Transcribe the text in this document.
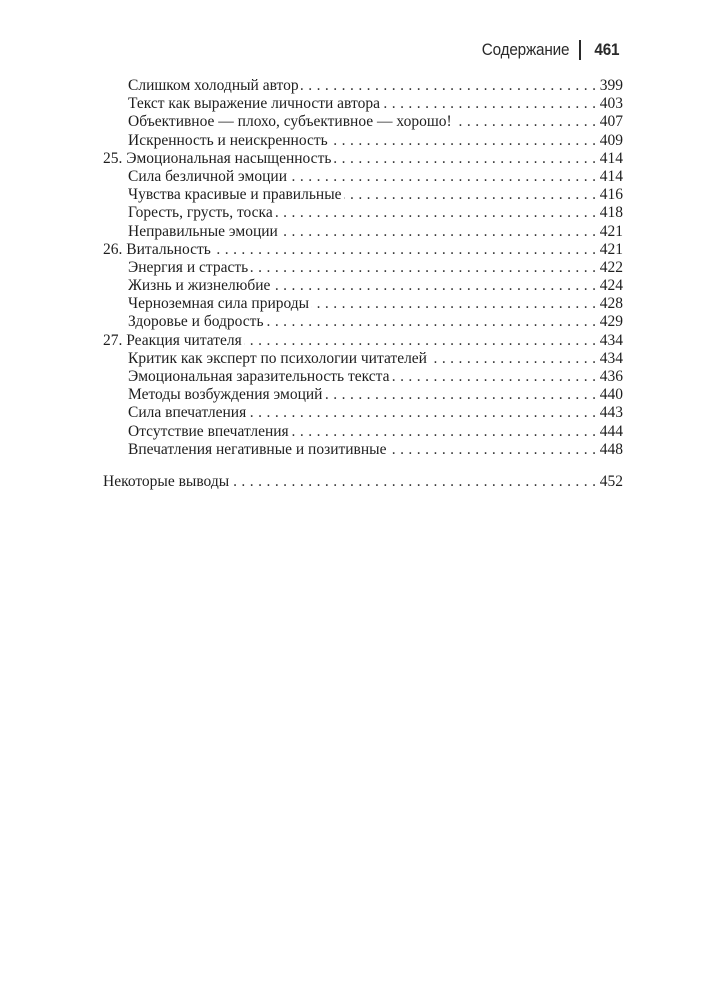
Содержание 461
Слишком холодный автор . . .	399
Текст как выражение личности автора . . .	403
Объективное — плохо, субъективное — хорошо! . . .	407
Искренность и неискренность . . .	409
25. Эмоциональная насыщенность . . .	414
Сила безличной эмоции . . .	414
Чувства красивые и правильные . . .	416
Горесть, грусть, тоска . . .	418
Неправильные эмоции . . .	421
26. Витальность . . .	421
Энергия и страсть . . .	422
Жизнь и жизнелюбие . . .	424
Черноземная сила природы . . .	428
Здоровье и бодрость . . .	429
27. Реакция читателя . . .	434
Критик как эксперт по психологии читателей . . .	434
Эмоциональная заразительность текста . . .	436
Методы возбуждения эмоций . . .	440
Сила впечатления . . .	443
Отсутствие впечатления . . .	444
Впечатления негативные и позитивные . . .	448
Некоторые выводы . . .	452
